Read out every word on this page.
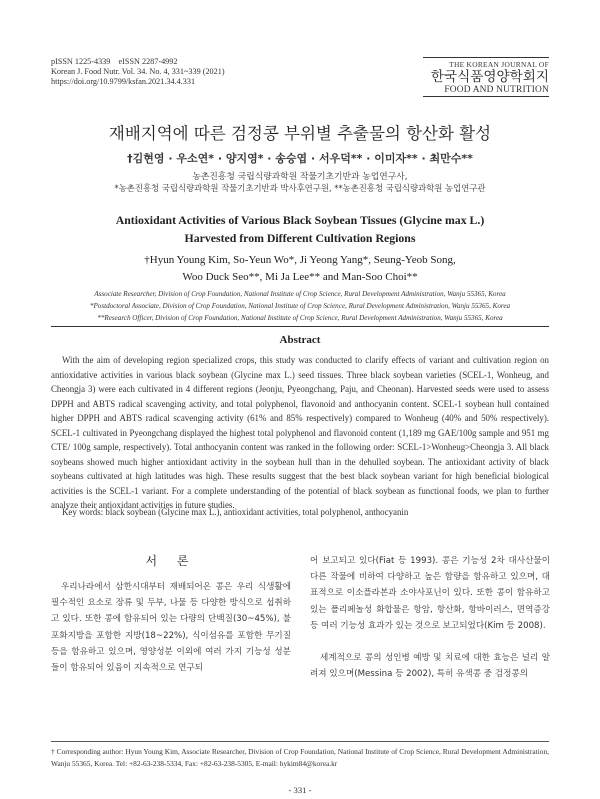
pISSN 1225-4339    eISSN 2287-4992
Korean J. Food Nutr. Vol. 34. No. 4, 331~339 (2021)
https://doi.org/10.9799/ksfan.2021.34.4.331
THE KOREAN JOURNAL OF
한국식품영양학회지
FOOD AND NUTRITION
재배지역에 따른 검정콩 부위별 추출물의 항산화 활성
†김현영 · 우소연* · 양지영* · 송승엽 · 서우덕** · 이미자** · 최만수**
농촌진흥청 국립식량과학원 작물기초기반과 농업연구사,
*농촌진흥청 국립식량과학원 작물기초기반과 박사후연구원, **농촌진흥청 국립식량과학원 농업연구관
Antioxidant Activities of Various Black Soybean Tissues (Glycine max L.)
Harvested from Different Cultivation Regions
†Hyun Young Kim, So-Yeun Wo*, Ji Yeong Yang*, Seung-Yeob Song,
Woo Duck Seo**, Mi Ja Lee** and Man-Soo Choi**
Associate Researcher, Division of Crop Foundation, National Institute of Crop Science, Rural Development Administration, Wanju 55365, Korea
*Postdoctoral Associate, Division of Crop Foundation, National Institute of Crop Science, Rural Development Administration, Wanju 55365, Korea
**Research Officer, Division of Crop Foundation, National Institute of Crop Science, Rural Development Administration, Wanju 55365, Korea
Abstract

With the aim of developing region specialized crops, this study was conducted to clarify effects of variant and cultivation region on antioxidative activities in various black soybean (Glycine max L.) seed tissues. Three black soybean varieties (SCEL-1, Wonheug, and Cheongja 3) were each cultivated in 4 different regions (Jeonju, Pyeongchang, Paju, and Cheonan). Harvested seeds were used to assess DPPH and ABTS radical scavenging activity, and total polyphenol, flavonoid and anthocyanin content. SCEL-1 soybean hull contained higher DPPH and ABTS radical scavenging activity (61% and 85% respectively) compared to Wonheug (40% and 50% respectively). SCEL-1 cultivated in Pyeongchang displayed the highest total polyphenol and flavonoid content (1,189 mg GAE/100g sample and 951 mg CTE/ 100g sample, respectively). Total anthocyanin content was ranked in the following order: SCEL-1>Wonheug>Cheongja 3. All black soybeans showed much higher antioxidant activity in the soybean hull than in the dehulled soybean. The antioxidant activity of black soybeans cultivated at high latitudes was high. These results suggest that the best black soybean variant for high beneficial biological activities is the SCEL-1 variant. For a complete understanding of the potential of black soybean as functional foods, we plan to further analyze their antioxidant activities in future studies.

Key words: black soybean (Glycine max L.), antioxidant activities, total polyphenol, anthocyanin
서 론

우리나라에서 삼한시대부터 재배되어온 콩은 우리 식생활에 필수적인 요소로 장류 및 두부, 나물 등 다양한 방식으로 섭취하고 있다. 또한 콩에 함유되어 있는 다량의 단백질(30~45%), 불포화지방을 포함한 지방(18~22%), 식이섬유를 포함한 무기질 등을 함유하고 있으며, 영양성분 이외에 여러 가지 기능성 성분들이 함유되어 있음이 지속적으로 연구되

어 보고되고 있다(Fiat 등 1993). 콩은 기능성 2차 대사산물이 다른 작물에 비하여 다양하고 높은 함량을 함유하고 있으며, 대표적으로 이소플라본과 소야사포닌이 있다. 또한 콩이 함유하고 있는 폴리페놀성 화합물은 항암, 항산화, 항바이러스, 면역증강 등 여러 기능성 효과가 있는 것으로 보고되었다(Kim 등 2008).

세계적으로 콩의 성인병 예방 및 치료에 대한 효능은 널리 알려져 있으며(Messina 등 2002), 특히 유색콩 중 검정콩의

† Corresponding author: Hyun Young Kim, Associate Researcher, Division of Crop Foundation, National Institute of Crop Science, Rural Development Administration, Wanju 55365, Korea. Tel: +82-63-238-5334, Fax: +82-63-238-5305, E-mail: hykim84@korea.kr

- 331 -
